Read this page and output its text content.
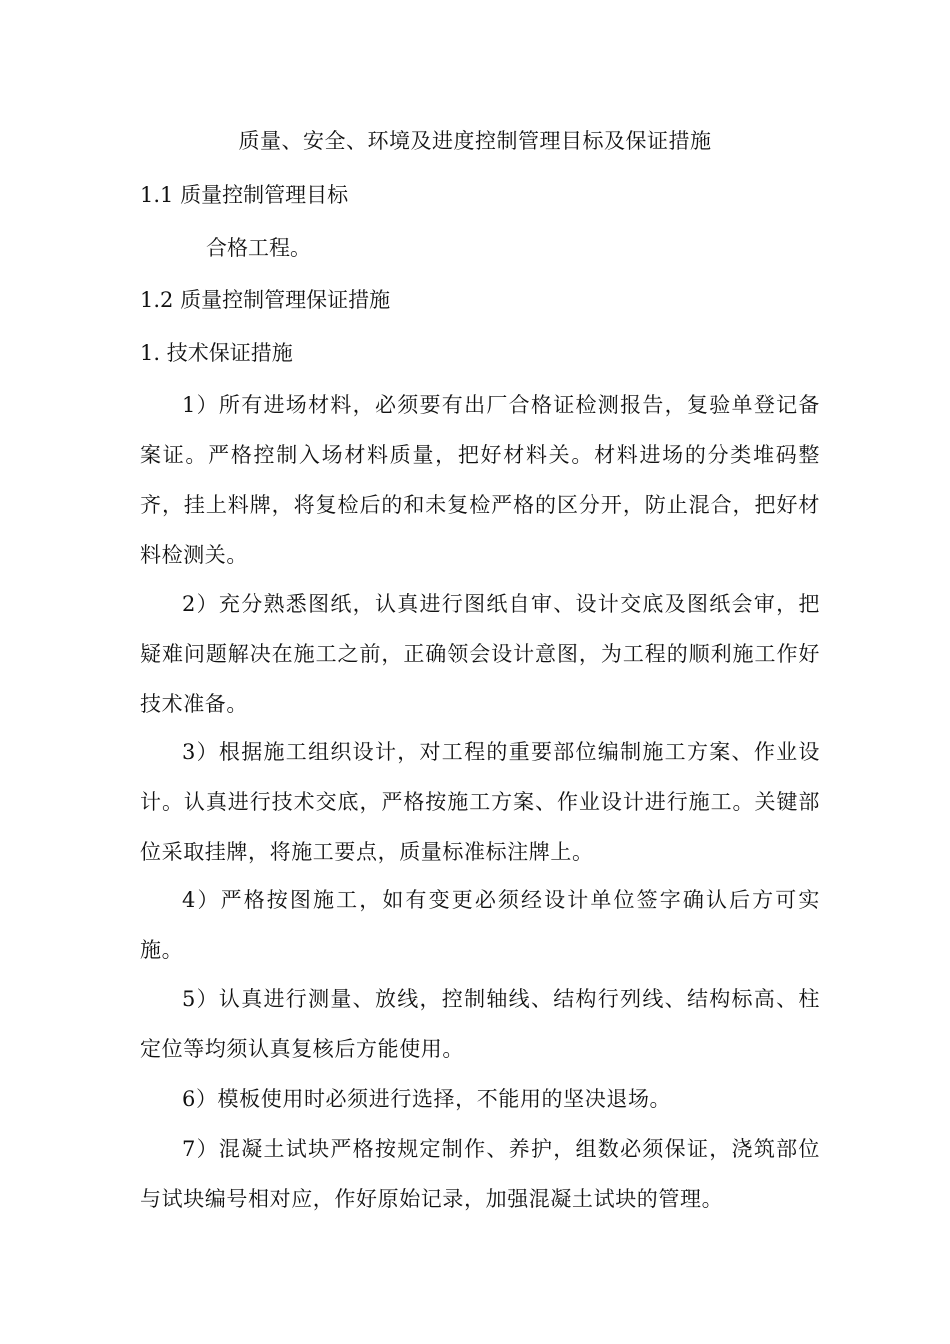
质量、安全、环境及进度控制管理目标及保证措施
1.1 质量控制管理目标
合格工程。
1.2 质量控制管理保证措施
1. 技术保证措施

1）所有进场材料，必须要有出厂合格证检测报告，复验单登记备案证。严格控制入场材料质量，把好材料关。材料进场的分类堆码整齐，挂上料牌，将复检后的和未复检严格的区分开，防止混合，把好材料检测关。

2）充分熟悉图纸，认真进行图纸自审、设计交底及图纸会审，把疑难问题解决在施工之前，正确领会设计意图，为工程的顺利施工作好技术准备。

3）根据施工组织设计，对工程的重要部位编制施工方案、作业设计。认真进行技术交底，严格按施工方案、作业设计进行施工。关键部位采取挂牌，将施工要点，质量标准标注牌上。

4）严格按图施工，如有变更必须经设计单位签字确认后方可实施。

5）认真进行测量、放线，控制轴线、结构行列线、结构标高、柱定位等均须认真复核后方能使用。

6）模板使用时必须进行选择，不能用的坚决退场。

7）混凝土试块严格按规定制作、养护，组数必须保证，浇筑部位与试块编号相对应，作好原始记录，加强混凝土试块的管理。
